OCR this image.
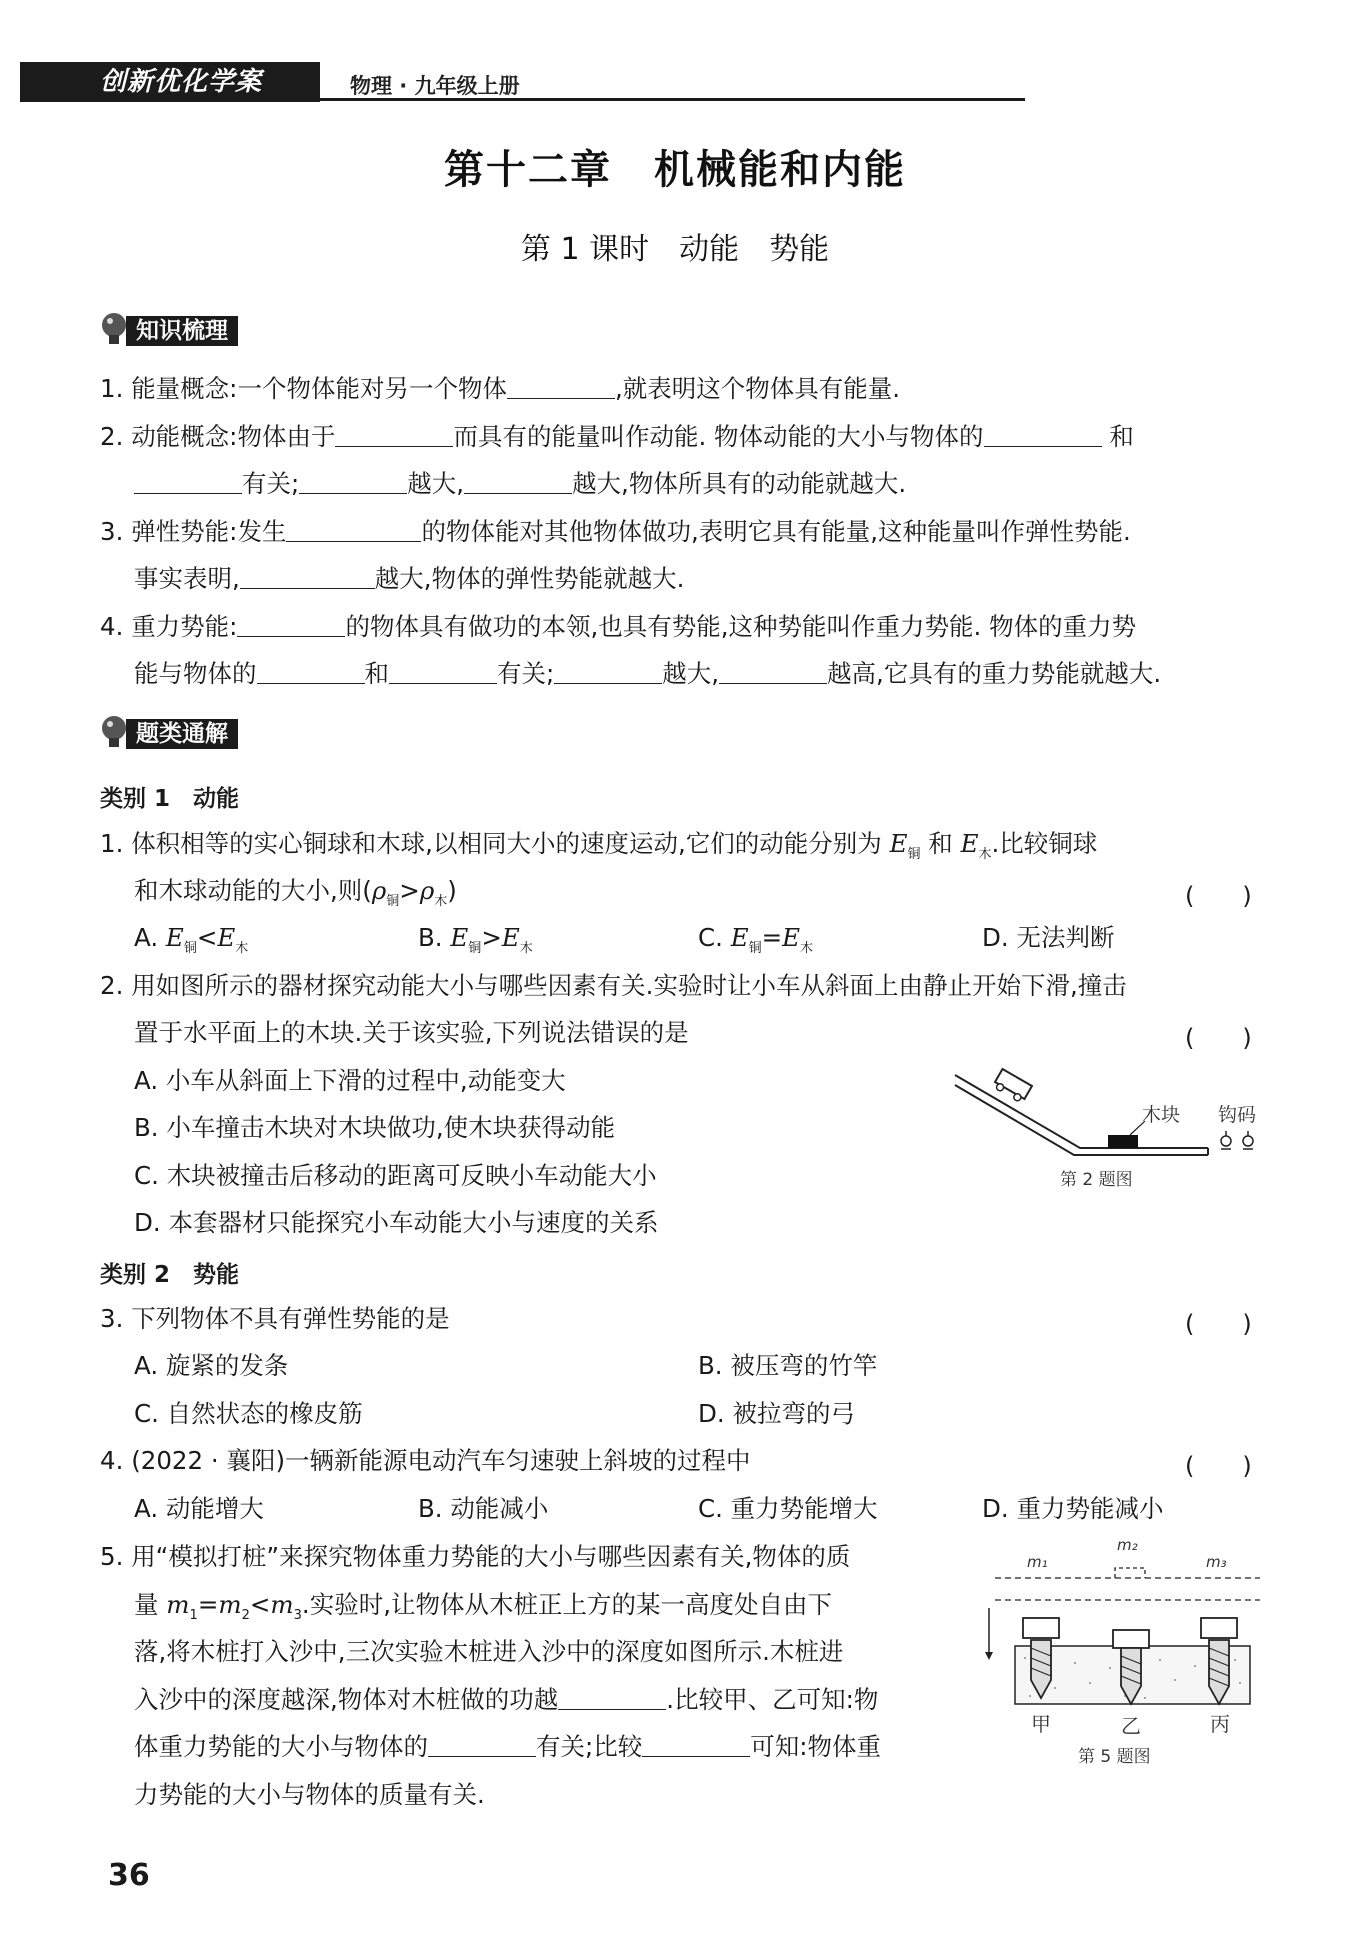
创新优化学案	物理 · 九年级上册
第十二章　机械能和内能
第 1 课时　动能　势能
知识梳理
1. 能量概念:一个物体能对另一个物体	,就表明这个物体具有能量.
2. 动能概念:物体由于	而具有的能量叫作动能. 物体动能的大小与物体的	和
有关;	越大,	越大,物体所具有的动能就越大.
3. 弹性势能:发生	的物体能对其他物体做功,表明它具有能量,这种能量叫作弹性势能.
事实表明,	越大,物体的弹性势能就越大.
4. 重力势能:	的物体具有做功的本领,也具有势能,这种势能叫作重力势能. 物体的重力势
能与物体的	和	有关;	越大,	越高,它具有的重力势能就越大.
题类通解
类别 1　动能
1. 体积相等的实心铜球和木球,以相同大小的速度运动,它们的动能分别为 $E_铜$ 和 $E_木$.比较铜球
和木球动能的大小,则$(\rho_铜>\rho_木)$	(　　)
A. $E_铜<E_木$	B. $E_铜>E_木$	C. $E_铜=E_木$	D. 无法判断
2. 用如图所示的器材探究动能大小与哪些因素有关.实验时让小车从斜面上由静止开始下滑,撞击
置于水平面上的木块.关于该实验,下列说法错误的是	(　　)
A. 小车从斜面上下滑的过程中,动能变大
B. 小车撞击木块对木块做功,使木块获得动能
C. 木块被撞击后移动的距离可反映小车动能大小
D. 本套器材只能探究小车动能大小与速度的关系
木块 钩码
第 2 题图
类别 2　势能
3. 下列物体不具有弹性势能的是	(　　)
A. 旋紧的发条	B. 被压弯的竹竿
C. 自然状态的橡皮筋	D. 被拉弯的弓
4. (2022 · 襄阳)一辆新能源电动汽车匀速驶上斜坡的过程中	(　　)
A. 动能增大	B. 动能减小	C. 重力势能增大	D. 重力势能减小
5. 用“模拟打桩”来探究物体重力势能的大小与哪些因素有关,物体的质
量 $m_1=m_2<m_3$.实验时,让物体从木桩正上方的某一高度处自由下
落,将木桩打入沙中,三次实验木桩进入沙中的深度如图所示.木桩进
入沙中的深度越深,物体对木桩做的功越	.比较甲、乙可知:物
体重力势能的大小与物体的	有关;比较	可知:物体重
力势能的大小与物体的质量有关.
m₁
m₂
m₃
甲	乙	丙
第 5 题图
36
